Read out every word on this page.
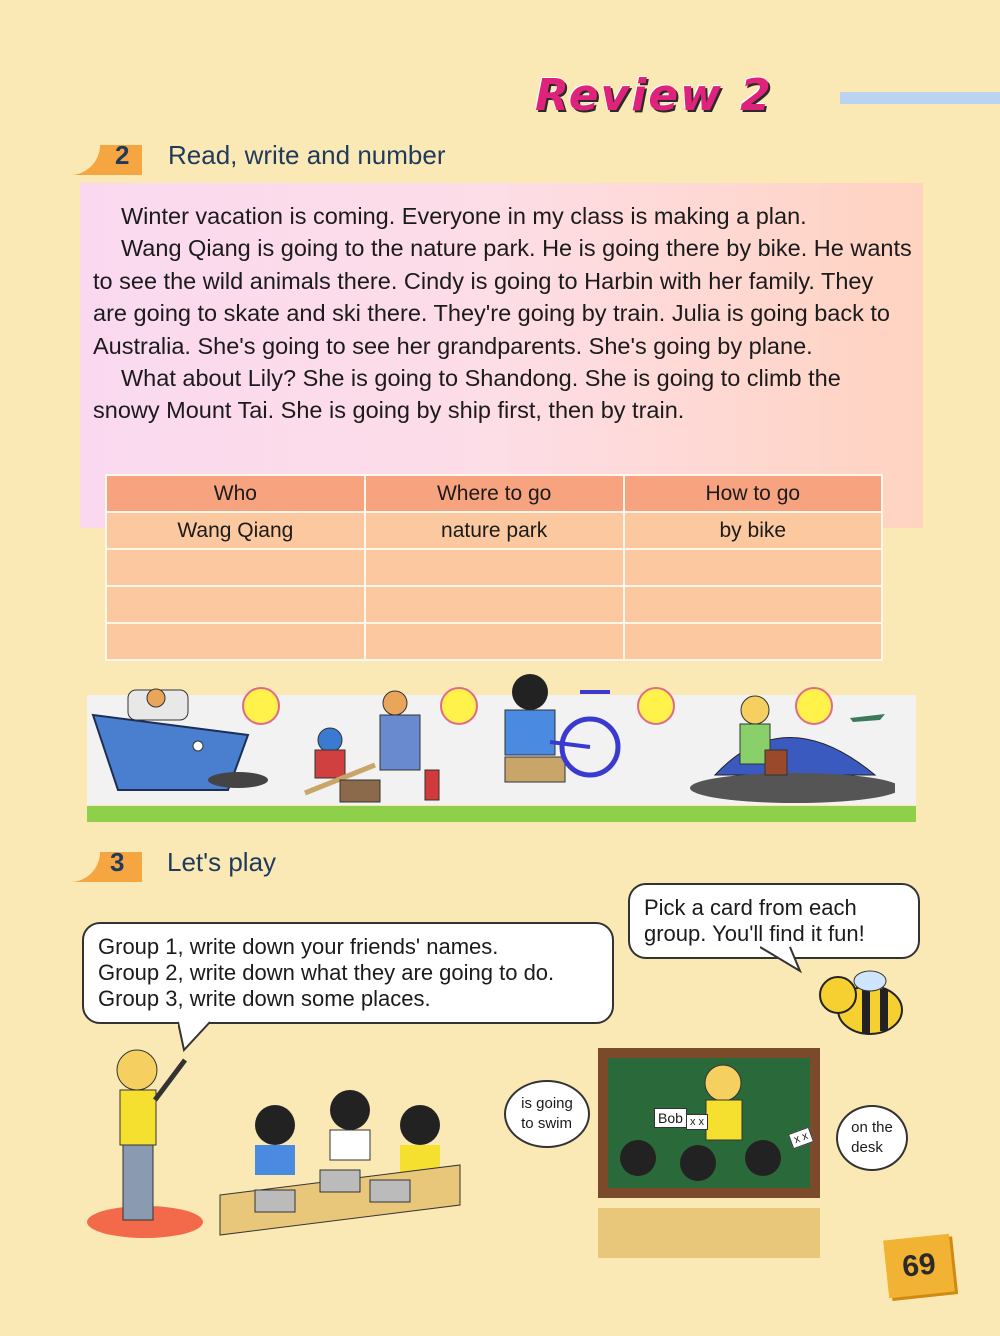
Review 2
2 Read, write and number

Winter vacation is coming. Everyone in my class is making a plan.

Wang Qiang is going to the nature park. He is going there by bike. He wants to see the wild animals there. Cindy is going to Harbin with her family. They are going to skate and ski there. They're going by train. Julia is going back to Australia. She's going to see her grandparents. She's going by plane.

What about Lily? She is going to Shandong. She is going to climb the snowy Mount Tai. She is going by ship first, then by train.

Who	Where to go	How to go
Wang Qiang	nature park	by bike

3 Let's play
Group 1, write down your friends' names.
Group 2, write down what they are going to do.
Group 3, write down some places.
Pick a card from each
group. You'll find it fun!
Bob x x
x x
is going
to swim	on the
desk
69
